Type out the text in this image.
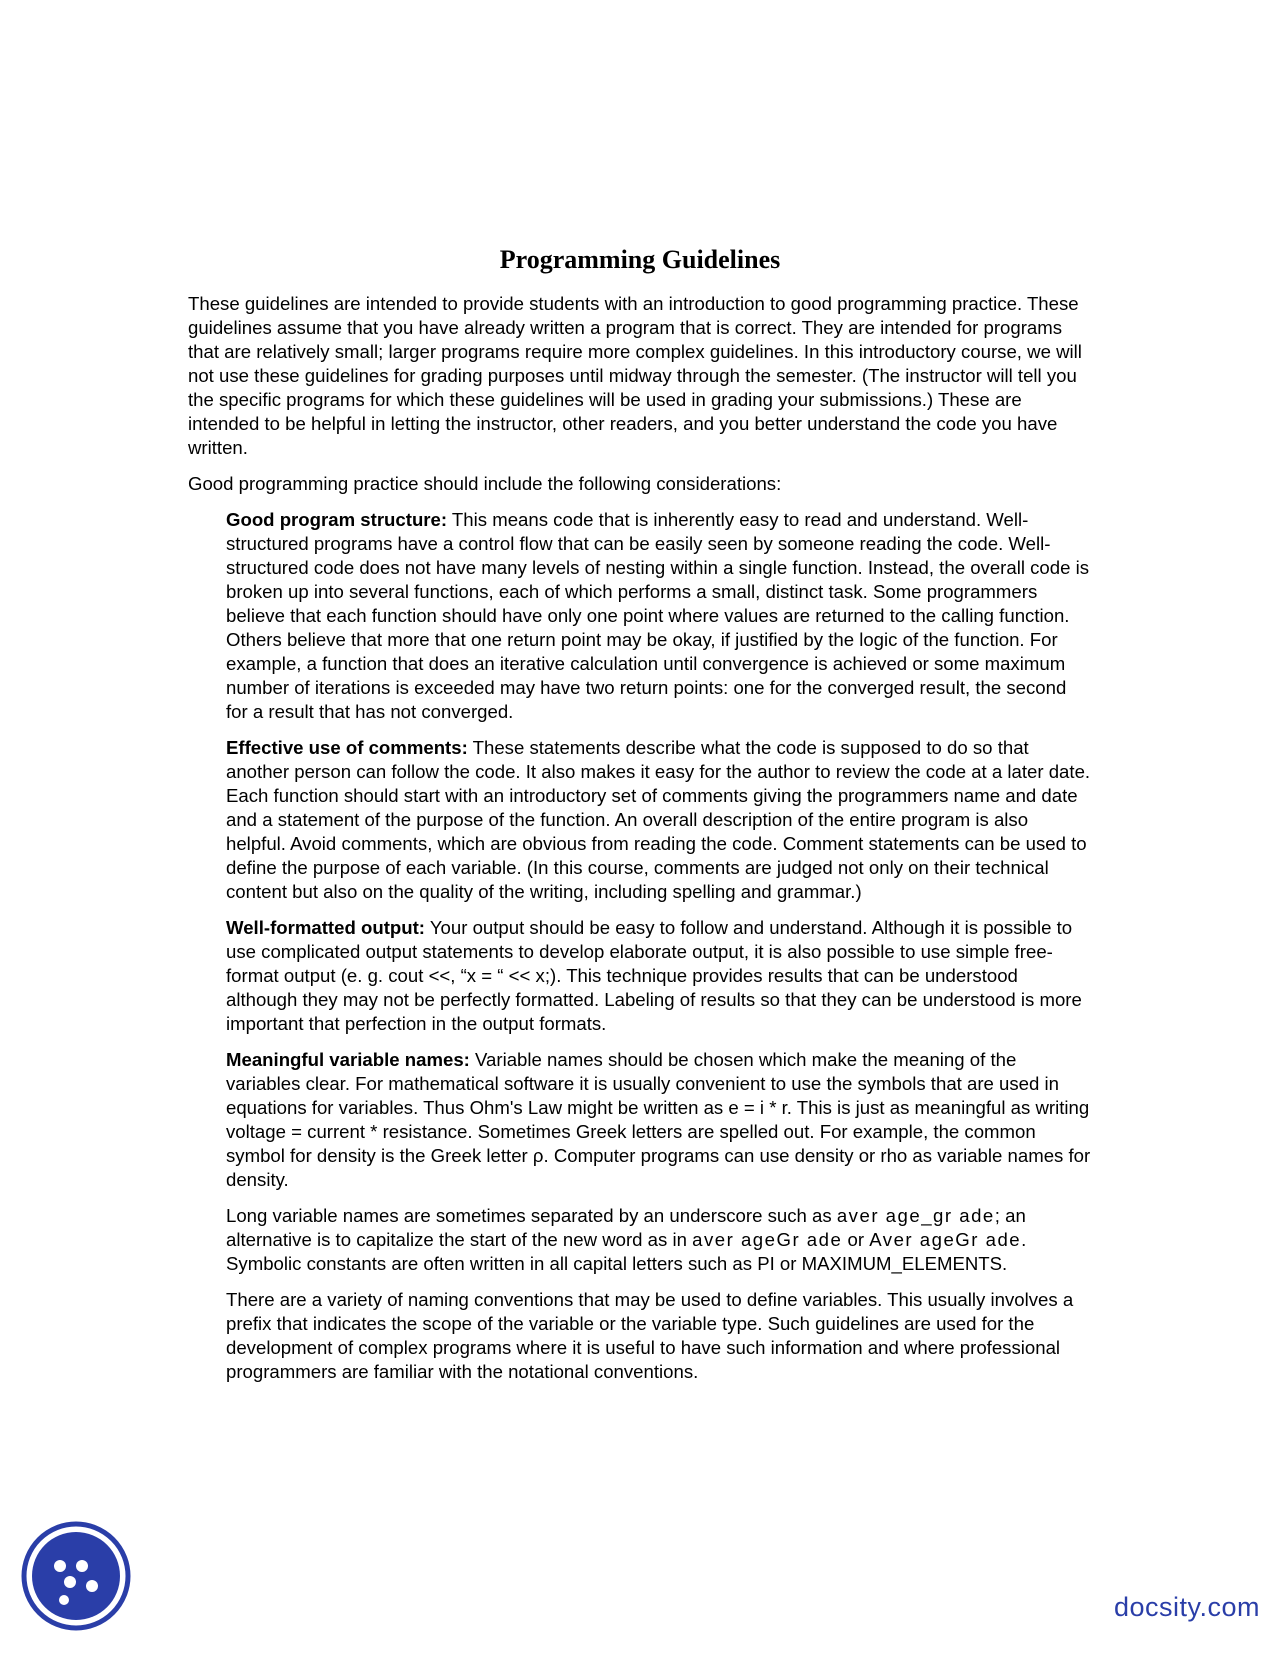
Programming Guidelines

These guidelines are intended to provide students with an introduction to good programming practice. These guidelines assume that you have already written a program that is correct. They are intended for programs that are relatively small; larger programs require more complex guidelines. In this introductory course, we will not use these guidelines for grading purposes until midway through the semester. (The instructor will tell you the specific programs for which these guidelines will be used in grading your submissions.) These are intended to be helpful in letting the instructor, other readers, and you better understand the code you have written.

Good programming practice should include the following considerations:

Good program structure: This means code that is inherently easy to read and understand. Well-structured programs have a control flow that can be easily seen by someone reading the code. Well-structured code does not have many levels of nesting within a single function. Instead, the overall code is broken up into several functions, each of which performs a small, distinct task. Some programmers believe that each function should have only one point where values are returned to the calling function. Others believe that more that one return point may be okay, if justified by the logic of the function. For example, a function that does an iterative calculation until convergence is achieved or some maximum number of iterations is exceeded may have two return points: one for the converged result, the second for a result that has not converged.

Effective use of comments: These statements describe what the code is supposed to do so that another person can follow the code. It also makes it easy for the author to review the code at a later date. Each function should start with an introductory set of comments giving the programmers name and date and a statement of the purpose of the function. An overall description of the entire program is also helpful. Avoid comments, which are obvious from reading the code. Comment statements can be used to define the purpose of each variable. (In this course, comments are judged not only on their technical content but also on the quality of the writing, including spelling and grammar.)

Well-formatted output: Your output should be easy to follow and understand. Although it is possible to use complicated output statements to develop elaborate output, it is also possible to use simple free-format output (e. g. cout <<, “x = “ << x;). This technique provides results that can be understood although they may not be perfectly formatted. Labeling of results so that they can be understood is more important that perfection in the output formats.

Meaningful variable names: Variable names should be chosen which make the meaning of the variables clear. For mathematical software it is usually convenient to use the symbols that are used in equations for variables. Thus Ohm's Law might be written as e = i * r. This is just as meaningful as writing voltage = current * resistance. Sometimes Greek letters are spelled out. For example, the common symbol for density is the Greek letter ρ. Computer programs can use density or rho as variable names for density.

Long variable names are sometimes separated by an underscore such as aver age_gr ade; an alternative is to capitalize the start of the new word as in aver ageGr ade or Aver ageGr ade. Symbolic constants are often written in all capital letters such as PI or MAXIMUM_ELEMENTS.

There are a variety of naming conventions that may be used to define variables. This usually involves a prefix that indicates the scope of the variable or the variable type. Such guidelines are used for the development of complex programs where it is useful to have such information and where professional programmers are familiar with the notational conventions.

docsity.com
